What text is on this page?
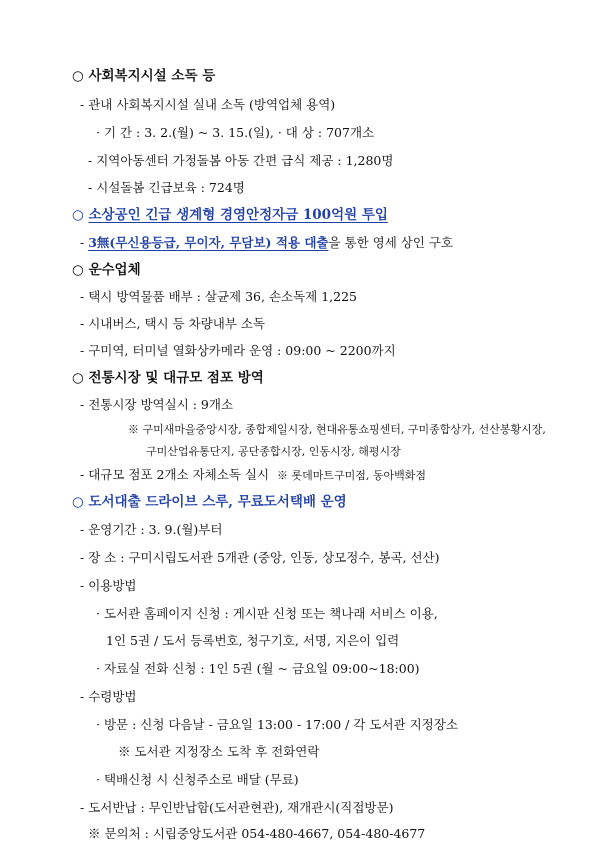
○ 사회복지시설 소독 등
- 관내 사회복지시설 실내 소독 (방역업체 용역)
· 기 간 : 3. 2.(월) ~ 3. 15.(일), · 대 상 : 707개소
- 지역아동센터 가정돌봄 아동 간편 급식 제공 : 1,280명
- 시설돌봄 긴급보육 : 724명
○ 소상공인 긴급 생계형 경영안정자금 100억원 투입
- 3無(무신용등급, 무이자, 무담보) 적용 대출을 통한 영세 상인 구호
○ 운수업체
- 택시 방역물품 배부 : 살균제 36, 손소독제 1,225
- 시내버스, 택시 등 차량내부 소독
- 구미역, 터미널 열화상카메라 운영 : 09:00 ~ 2200까지
○ 전통시장 및 대규모 점포 방역
- 전통시장 방역실시 : 9개소
※ 구미새마을중앙시장, 종합제일시장, 현대유통쇼핑센터, 구미종합상가, 선산봉황시장,
구미산업유통단지, 공단종합시장, 인동시장, 해평시장
- 대규모 점포 2개소 자체소독 실시 ※ 롯데마트구미점, 동아백화점
○ 도서대출 드라이브 스루, 무료도서택배 운영
- 운영기간 : 3. 9.(월)부터
- 장 소 : 구미시립도서관 5개관 (중앙, 인동, 상모정수, 봉곡, 선산)
- 이용방법
· 도서관 홈페이지 신청 : 게시판 신청 또는 책나래 서비스 이용,
1인 5권 / 도서 등록번호, 청구기호, 서명, 지은이 입력
· 자료실 전화 신청 : 1인 5권 (월 ~ 금요일 09:00~18:00)
- 수령방법
· 방문 : 신청 다음날 - 금요일 13:00 - 17:00 / 각 도서관 지정장소
※ 도서관 지정장소 도착 후 전화연락
· 택배신청 시 신청주소로 배달 (무료)
- 도서반납 : 무인반납함(도서관현관), 재개관시(직접방문)
※ 문의처 : 시립중앙도서관 054-480-4667, 054-480-4677
